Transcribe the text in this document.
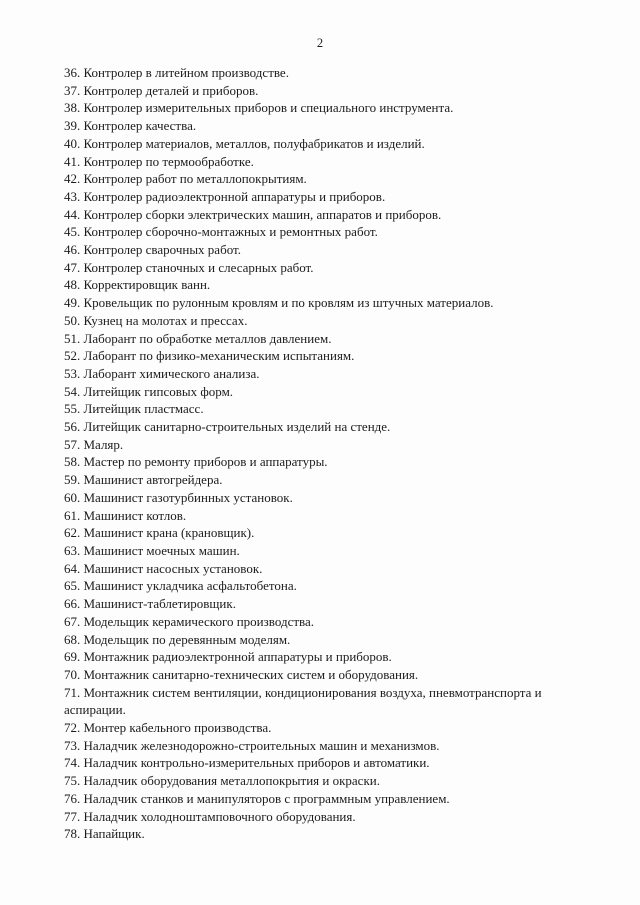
2
36. Контролер в литейном производстве.
37. Контролер деталей и приборов.
38. Контролер измерительных приборов и специального инструмента.
39. Контролер качества.
40. Контролер материалов, металлов, полуфабрикатов и изделий.
41. Контролер по термообработке.
42. Контролер работ по металлопокрытиям.
43. Контролер радиоэлектронной аппаратуры и приборов.
44. Контролер сборки электрических машин, аппаратов и приборов.
45. Контролер сборочно-монтажных и ремонтных работ.
46. Контролер сварочных работ.
47. Контролер станочных и слесарных работ.
48. Корректировщик ванн.
49. Кровельщик по рулонным кровлям и по кровлям из штучных материалов.
50. Кузнец на молотах и прессах.
51. Лаборант по обработке металлов давлением.
52. Лаборант по физико-механическим испытаниям.
53. Лаборант химического анализа.
54. Литейщик гипсовых форм.
55. Литейщик пластмасс.
56. Литейщик санитарно-строительных изделий на стенде.
57. Маляр.
58. Мастер по ремонту приборов и аппаратуры.
59. Машинист автогрейдера.
60. Машинист газотурбинных установок.
61. Машинист котлов.
62. Машинист крана (крановщик).
63. Машинист моечных машин.
64. Машинист насосных установок.
65. Машинист укладчика асфальтобетона.
66. Машинист-таблетировщик.
67. Модельщик керамического производства.
68. Модельщик по деревянным моделям.
69. Монтажник радиоэлектронной аппаратуры и приборов.
70. Монтажник санитарно-технических систем и оборудования.
71. Монтажник систем вентиляции, кондиционирования воздуха, пневмотранспорта и аспирации.
72. Монтер кабельного производства.
73. Наладчик железнодорожно-строительных машин и механизмов.
74. Наладчик контрольно-измерительных приборов и автоматики.
75. Наладчик оборудования металлопокрытия и окраски.
76. Наладчик станков и манипуляторов с программным управлением.
77. Наладчик холодноштамповочного оборудования.
78. Напайщик.
